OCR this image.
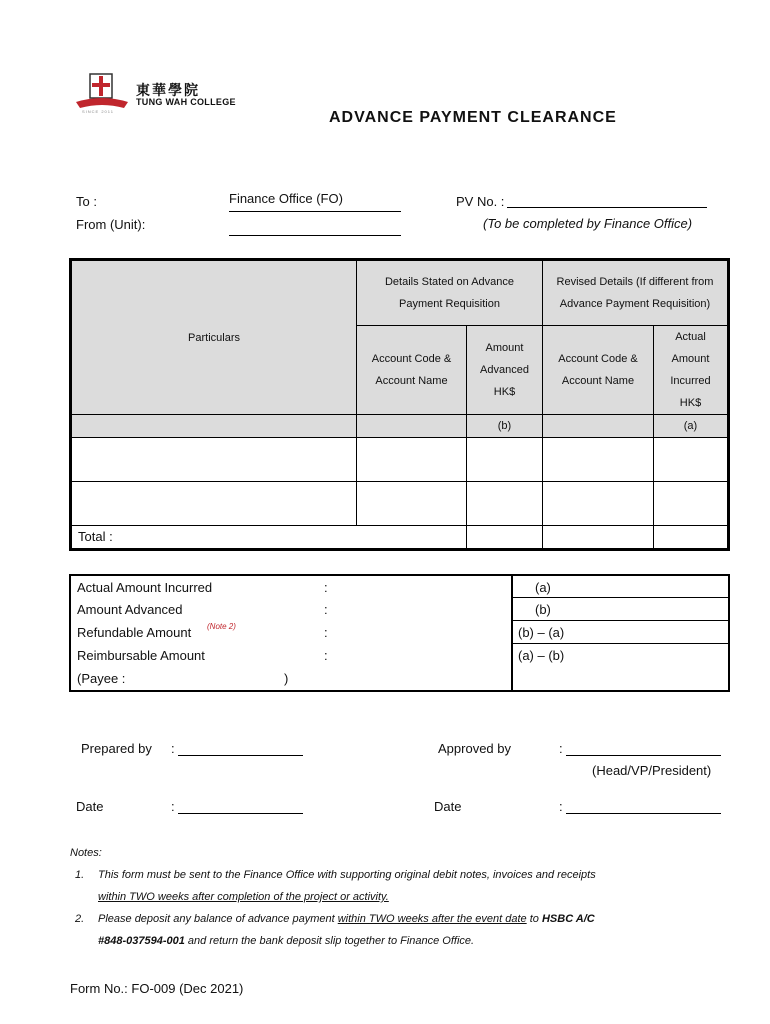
東華學院
TUNG WAH COLLEGE
SINCE 2011	ADVANCE PAYMENT CLEARANCE
To :	Finance Office (FO)
From (Unit):
PV No. :
(To be completed by Finance Office)
Particulars	Details Stated on Advance Payment Requisition		Revised Details (If different from Advance Payment Requisition)	
	Account Code & Account Name	Amount Advanced HK$	Account Code & Account Name	Actual Amount Incurred HK$
		(b)		(a)

Total :				
Actual Amount Incurred	:	(a)
Amount Advanced	:	(b)
Refundable Amount (Note 2)	:	(b) – (a)
Reimbursable Amount	:	(a) – (b)
(Payee :	)
Prepared by :	Approved by	:
(Head/VP/President)
Date	:	Date	:
Notes:
1. This form must be sent to the Finance Office with supporting original debit notes, invoices and receipts
within TWO weeks after completion of the project or activity.
2. Please deposit any balance of advance payment within TWO weeks after the event date to HSBC A/C
#848-037594-001 and return the bank deposit slip together to Finance Office.
Form No.: FO-009 (Dec 2021)
